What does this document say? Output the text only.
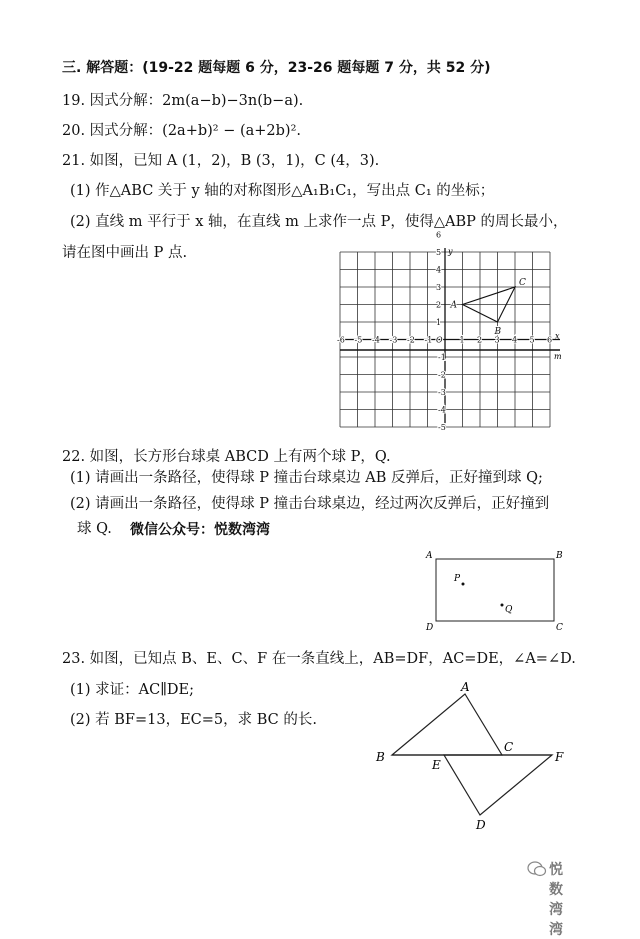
三. 解答题：(19-22 题每题 6 分，23-26 题每题 7 分，共 52 分)
19. 因式分解：2m(a−b)−3n(b−a).
20. 因式分解：(2a+b)² − (a+2b)².
21. 如图，已知 A (1，2)，B (3，1)，C (4，3).
(1) 作△ABC 关于 y 轴的对称图形△A₁B₁C₁，写出点 C₁ 的坐标；
(2) 直线 m 平行于 x 轴，在直线 m 上求作一点 P，使得△ABP 的周长最小，
请在图中画出 P 点.
m
x
y
-6 -5 -4 -3 -2 -1 O 1 2 3 4 5 6
6
5
4
3
2
1
-1
-2
-3
-4
-5
A
B
C
22. 如图，长方形台球桌 ABCD 上有两个球 P，Q.
(1) 请画出一条路径，使得球 P 撞击台球桌边 AB 反弹后，正好撞到球 Q;
(2) 请画出一条路径，使得球 P 撞击台球桌边，经过两次反弹后，正好撞到
球 Q. 微信公众号：悦数湾湾
A	B
C
D
P
Q
23. 如图，已知点 B、E、C、F 在一条直线上，AB=DF，AC=DE，∠A=∠D.
(1) 求证：AC∥DE;
(2) 若 BF=13，EC=5，求 BC 的长.
A
B
C
D
E
F
悦数湾湾
